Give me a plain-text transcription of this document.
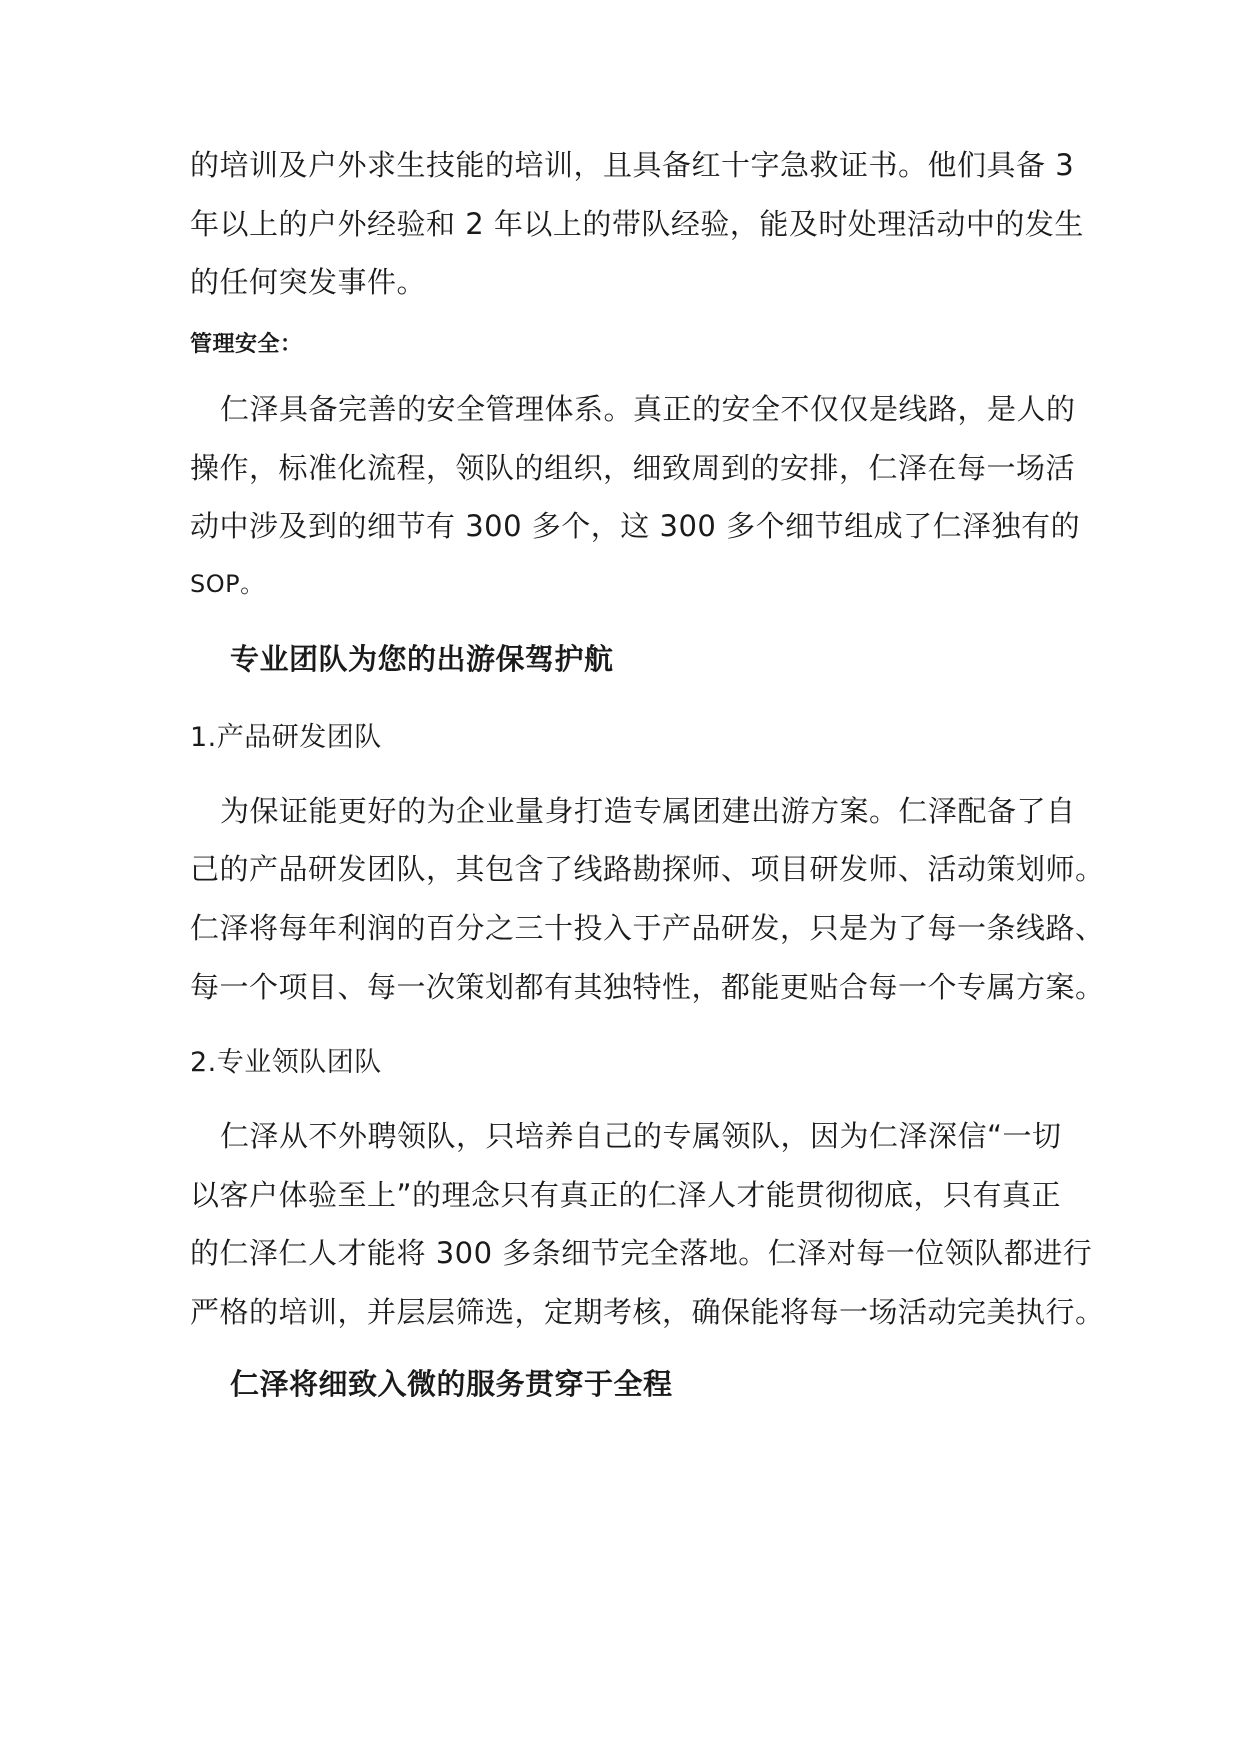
的培训及户外求生技能的培训，且具备红十字急救证书。他们具备 3
年以上的户外经验和 2 年以上的带队经验，能及时处理活动中的发生
的任何突发事件。
管理安全：
仁泽具备完善的安全管理体系。真正的安全不仅仅是线路，是人的
操作，标准化流程，领队的组织，细致周到的安排，仁泽在每一场活
动中涉及到的细节有 300 多个，这 300 多个细节组成了仁泽独有的
SOP。
专业团队为您的出游保驾护航
1.产品研发团队
为保证能更好的为企业量身打造专属团建出游方案。仁泽配备了自
己的产品研发团队，其包含了线路勘探师、项目研发师、活动策划师。
仁泽将每年利润的百分之三十投入于产品研发，只是为了每一条线路、
每一个项目、每一次策划都有其独特性，都能更贴合每一个专属方案。
2.专业领队团队
仁泽从不外聘领队，只培养自己的专属领队，因为仁泽深信“一切
以客户体验至上”的理念只有真正的仁泽人才能贯彻彻底，只有真正
的仁泽仁人才能将 300 多条细节完全落地。仁泽对每一位领队都进行
严格的培训，并层层筛选，定期考核，确保能将每一场活动完美执行。
仁泽将细致入微的服务贯穿于全程
